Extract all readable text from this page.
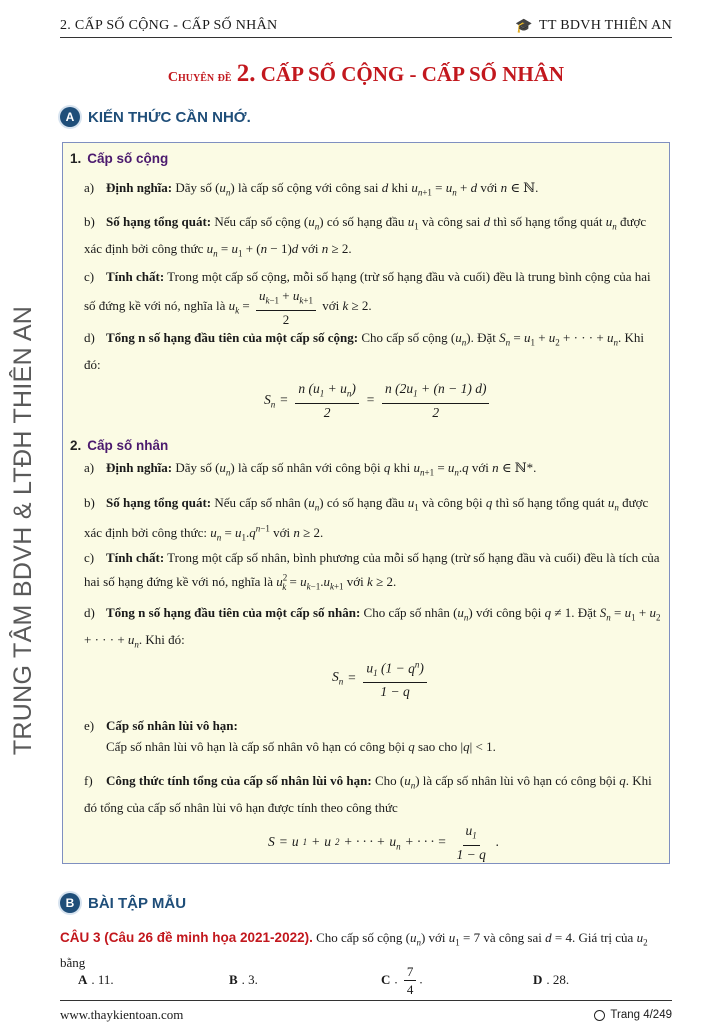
TRUNG TÂM BDVH & LTĐH THIÊN AN
2. CẤP SỐ CỘNG - CẤP SỐ NHÂN	🎓 TT BDVH THIÊN AN
Chuyên đề 2. CẤP SỐ CỘNG - CẤP SỐ NHÂN
A KIẾN THỨC CẦN NHỚ.
1. Cấp số cộng
a) Định nghĩa: Dãy số $(u_n)$ là cấp số cộng với công sai d khi $u_{n+1} = u_n + d$ với n ∈ ℕ.
b) Số hạng tổng quát: Nếu cấp số cộng $(u_n)$ có số hạng đầu $u_1$ và công sai d thì số hạng tổng quát $u_n$ được xác định bởi công thức $u_n = u_1 + (n - 1)d$ với n ≥ 2.
c) Tính chất: Trong một cấp số cộng, mỗi số hạng (trừ số hạng đầu và cuối) đều là trung bình cộng của hai số đứng kề với nó, nghĩa là $u_k = \frac{u_{k-1} + u_{k+1}}{2}$ với k ≥ 2.
d) Tổng n số hạng đầu tiên của một cấp số cộng: Cho cấp số cộng $(u_n)$. Đặt $S_n = u_1 + u_2$ + · · · + $u_n$. Khi đó:
$S_n = \frac{n (u_1 + u_n)}{2} = \frac{n (2u_1 + (n - 1) d)}{2}$
2. Cấp số nhân
a) Định nghĩa: Dãy số $(u_n)$ là cấp số nhân với công bội q khi $u_{n+1} = u_n.q$ với n ∈ ℕ*.
b) Số hạng tổng quát: Nếu cấp số nhân $(u_n)$ có số hạng đầu $u_1$ và công bội q thì số hạng tổng quát $u_n$ được xác định bởi công thức: $u_n = u_1.q^{n-1}$ với n ≥ 2.
c) Tính chất: Trong một cấp số nhân, bình phương của mỗi số hạng (trừ số hạng đầu và cuối) đều là tích của hai số hạng đứng kề với nó, nghĩa là $u^2_k = u_{k-1}.u_{k+1}$ với k ≥ 2.
d) Tổng n số hạng đầu tiên của một cấp số nhân: Cho cấp số nhân $(u_n)$ với công bội q ≠ 1. Đặt $S_n = u_1 + u_2$ + · · · + $u_n$. Khi đó:
$S_n = \frac{u_1 (1 - q^n)}{1 - q}$
e) Cấp số nhân lùi vô hạn:
Cấp số nhân lùi vô hạn là cấp số nhân vô hạn có công bội q sao cho |q| < 1.
f) Công thức tính tổng của cấp số nhân lùi vô hạn: Cho $(u_n)$ là cấp số nhân lùi vô hạn có công bội q. Khi đó tổng của cấp số nhân lùi vô hạn được tính theo công thức
S = u 1 + u 2 + · · · + $u_n$ + · · · = $\frac{u_1}{1 - q}$ .
B BÀI TẬP MẪU
CÂU 3 (Câu 26 đề minh họa 2021-2022). Cho cấp số cộng $(u_n)$ với $u_1 = 7$ và công sai d = 4. Giá trị của $u_2$ bằng
A . 11.	B . 3.	C . $\frac{7}{4}$ .	D . 28.
www.thaykientoan.com	Trang 4/249
